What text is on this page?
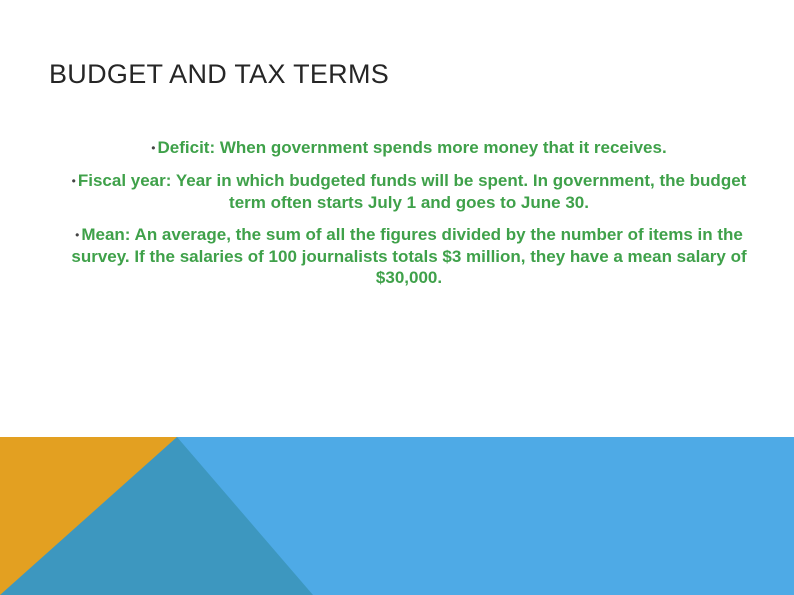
BUDGET AND TAX TERMS
• Deficit: When government spends more money that it receives.
• Fiscal year: Year in which budgeted funds will be spent. In government, the budget term often starts July 1 and goes to June 30.
• Mean: An average, the sum of all the figures divided by the number of items in the survey. If the salaries of 100 journalists totals $3 million, they have a mean salary of $30,000.
